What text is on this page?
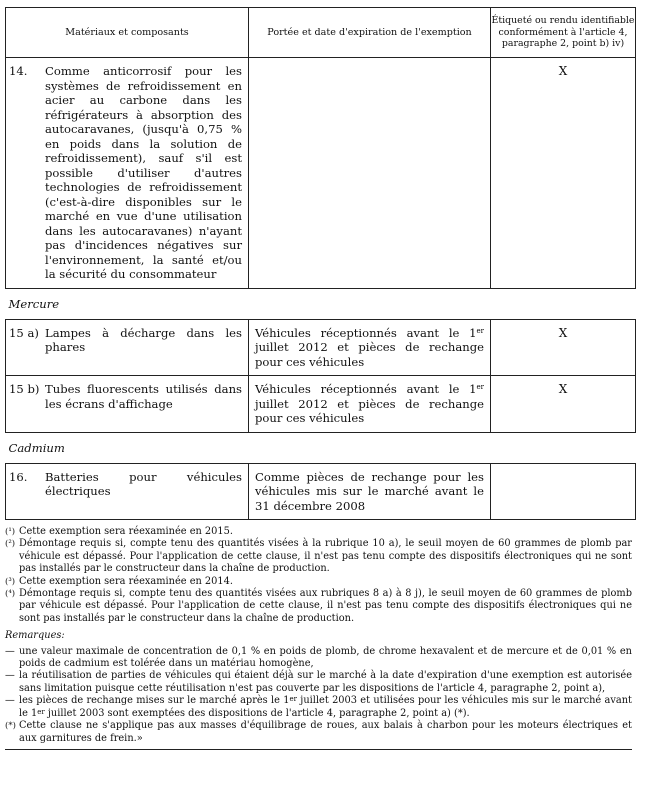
Matériaux et composants	Portée et date d'expiration de l'exemption	Étiqueté ou rendu identifiable conformément à l'article 4, paragraphe 2, point b) iv)

14. Comme anticorrosif pour les systèmes de refroidissement en acier au carbone dans les réfrigérateurs à absorption des autocaravanes, (jusqu'à 0,75 % en poids dans la solution de refroidissement), sauf s'il est possible d'utiliser d'autres technologies de refroidissement (c'est-à-dire disponibles sur le marché en vue d'une utilisation dans les autocaravanes) n'ayant pas d'incidences négatives sur l'environnement, la santé et/ou la sécurité du consommateur		X
Mercure		

15 a) Lampes à décharge dans les phares	Véhicules réceptionnés avant le 1er juillet 2012 et pièces de rechange pour ces véhicules	X

15 b) Tubes fluorescents utilisés dans les écrans d'affichage	Véhicules réceptionnés avant le 1er juillet 2012 et pièces de rechange pour ces véhicules	X
Cadmium		

16. Batteries pour véhicules électriques	Comme pièces de rechange pour les véhicules mis sur le marché avant le 31 décembre 2008	
(¹) Cette exemption sera réexaminée en 2015.
(²) Démontage requis si, compte tenu des quantités visées à la rubrique 10 a), le seuil moyen de 60 grammes de plomb par véhicule est dépassé. Pour l'application de cette clause, il n'est pas tenu compte des dispositifs électroniques qui ne sont pas installés par le constructeur dans la chaîne de production.
(³) Cette exemption sera réexaminée en 2014.
(⁴) Démontage requis si, compte tenu des quantités visées aux rubriques 8 a) à 8 j), le seuil moyen de 60 grammes de plomb par véhicule est dépassé. Pour l'application de cette clause, il n'est pas tenu compte des dispositifs électroniques qui ne sont pas installés par le constructeur dans la chaîne de production.
Remarques:
— une valeur maximale de concentration de 0,1 % en poids de plomb, de chrome hexavalent et de mercure et de 0,01 % en poids de cadmium est tolérée dans un matériau homogène,
— la réutilisation de parties de véhicules qui étaient déjà sur le marché à la date d'expiration d'une exemption est autorisée sans limitation puisque cette réutilisation n'est pas couverte par les dispositions de l'article 4, paragraphe 2, point a),
— les pièces de rechange mises sur le marché après le 1er juillet 2003 et utilisées pour les véhicules mis sur le marché avant le 1er juillet 2003 sont exemptées des dispositions de l'article 4, paragraphe 2, point a) (*).
(*) Cette clause ne s'applique pas aux masses d'équilibrage de roues, aux balais à charbon pour les moteurs électriques et aux garnitures de frein.»
